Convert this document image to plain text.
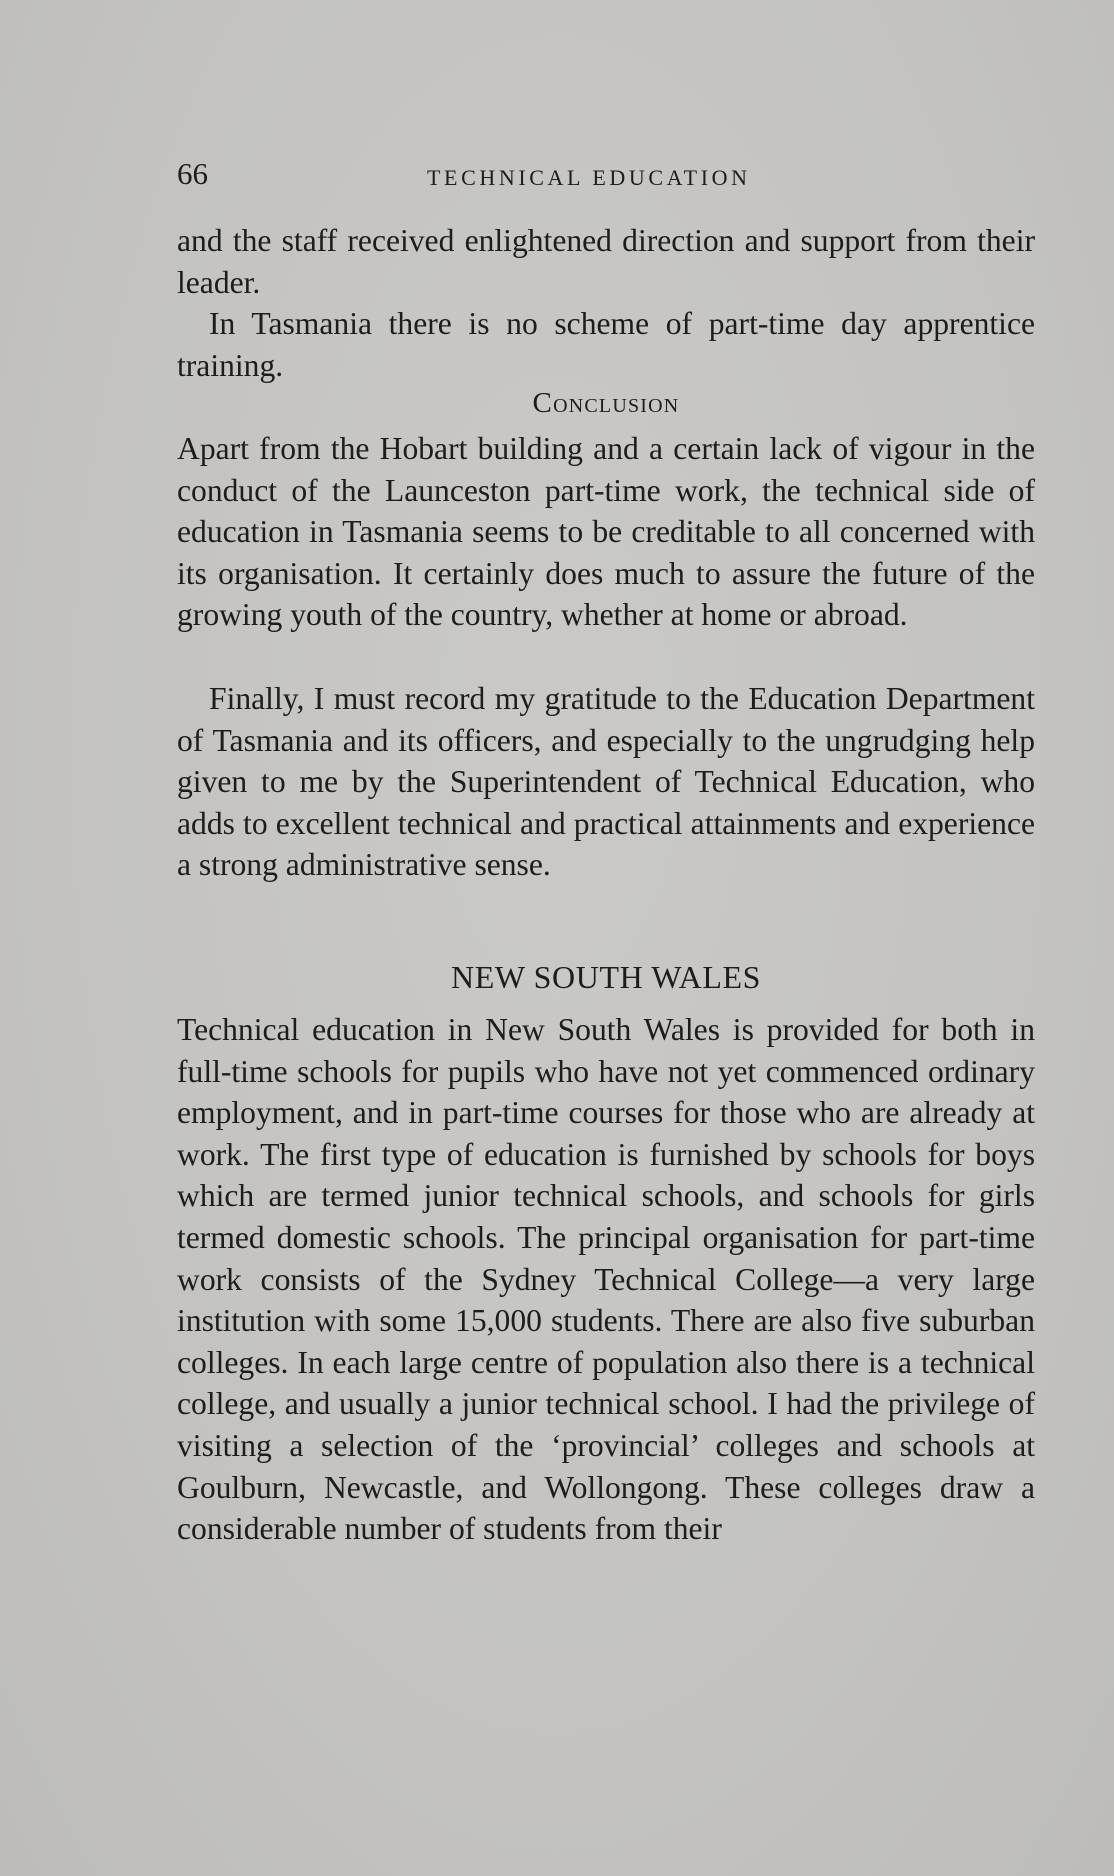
66	TECHNICAL EDUCATION

and the staff received enlightened direction and support from their leader.

In Tasmania there is no scheme of part-time day apprentice training.

Conclusion

Apart from the Hobart building and a certain lack of vigour in the conduct of the Launceston part-time work, the technical side of education in Tasmania seems to be creditable to all concerned with its organisation. It certainly does much to assure the future of the growing youth of the country, whether at home or abroad.

Finally, I must record my gratitude to the Education Department of Tasmania and its officers, and especially to the ungrudging help given to me by the Superintendent of Technical Education, who adds to excellent technical and practical attainments and experience a strong administrative sense.

NEW SOUTH WALES

Technical education in New South Wales is provided for both in full-time schools for pupils who have not yet commenced ordinary employment, and in part-time courses for those who are already at work. The first type of education is furnished by schools for boys which are termed junior technical schools, and schools for girls termed domestic schools. The principal organisation for part-time work consists of the Sydney Technical College—a very large institution with some 15,000 students. There are also five suburban colleges. In each large centre of population also there is a technical college, and usually a junior technical school. I had the privilege of visiting a selection of the ‘provincial’ colleges and schools at Goulburn, Newcastle, and Wollongong. These colleges draw a considerable number of students from their
